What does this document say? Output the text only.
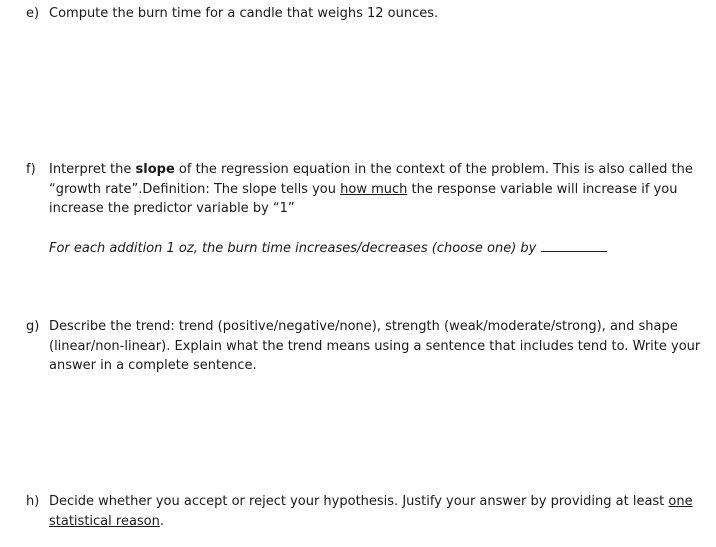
e) Compute the burn time for a candle that weighs 12 ounces.

f)	Interpret the slope of the regression equation in the context of the problem. This is also called the “growth rate”.Definition: The slope tells you how much the response variable will increase if you increase the predictor variable by “1”

For each addition 1 oz, the burn time increases/decreases (choose one) by

g) Describe the trend: trend (positive/negative/none), strength (weak/moderate/strong), and shape (linear/non-linear). Explain what the trend means using a sentence that includes tend to. Write your answer in a complete sentence.

h) Decide whether you accept or reject your hypothesis. Justify your answer by providing at least one statistical reason.
